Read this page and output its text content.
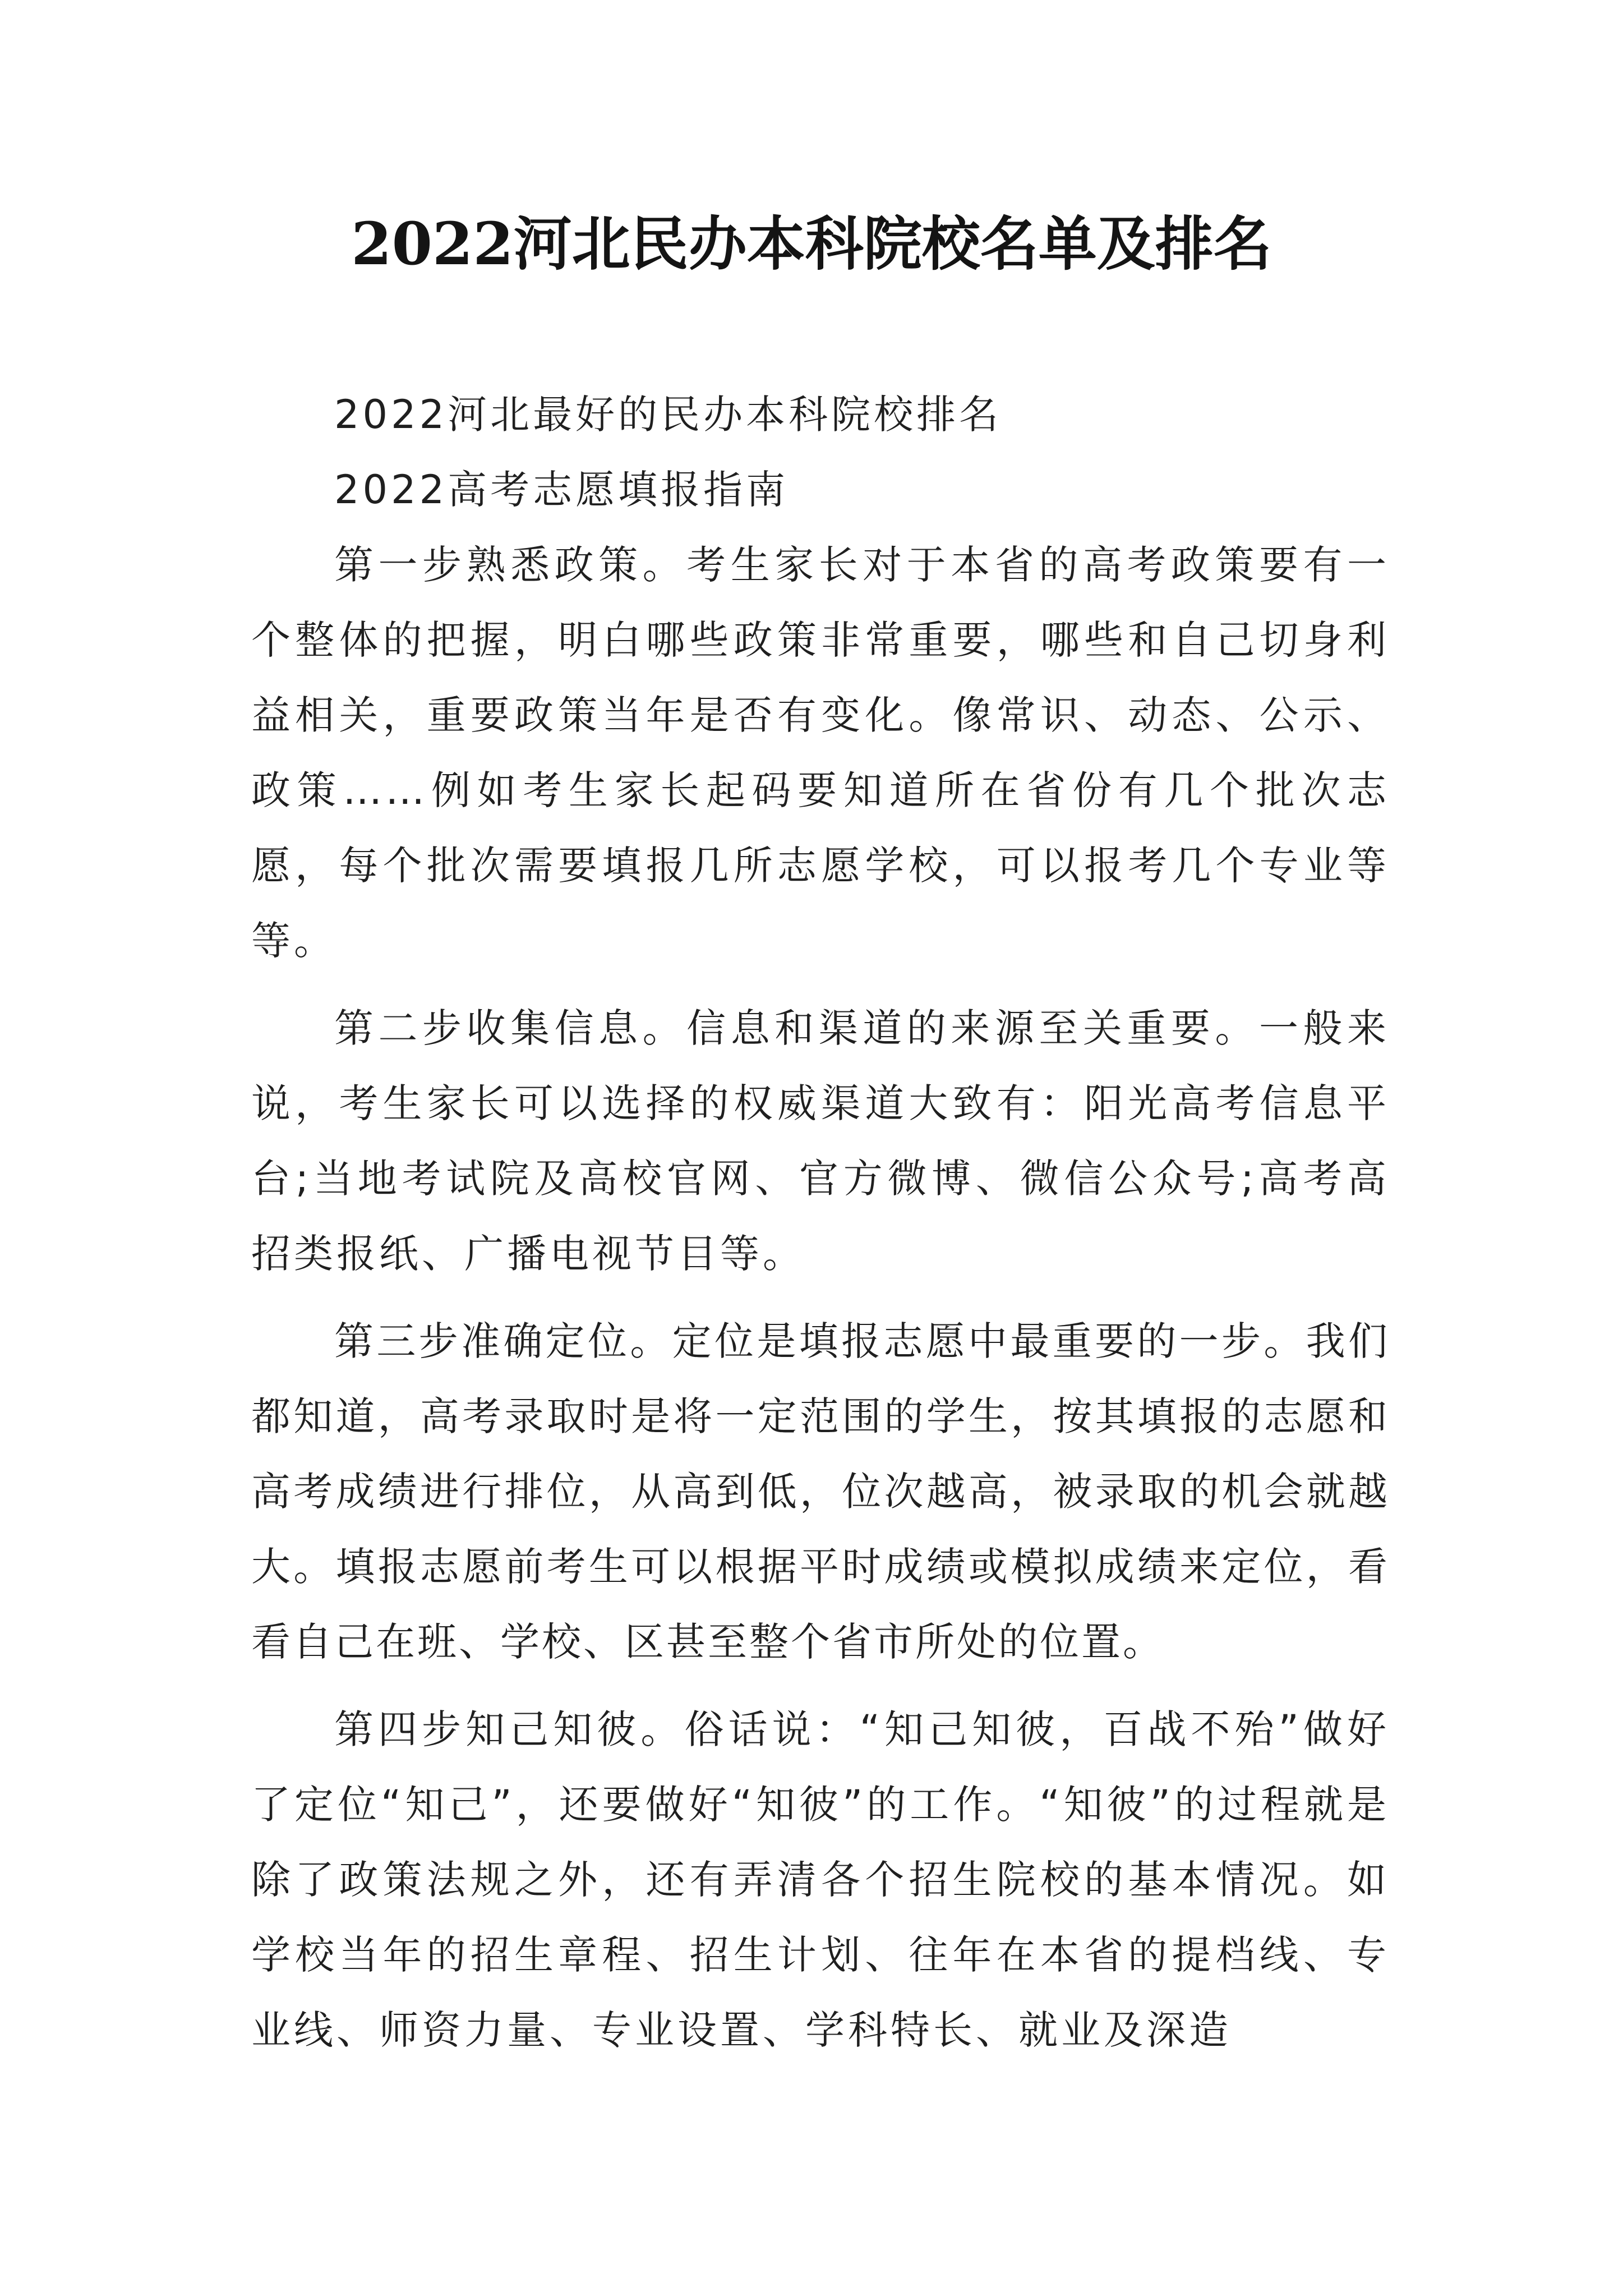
2022河北民办本科院校名单及排名

2022河北最好的民办本科院校排名

2022高考志愿填报指南

第一步熟悉政策。考生家长对于本省的高考政策要有一个整体的把握，明白哪些政策非常重要，哪些和自己切身利益相关，重要政策当年是否有变化。像常识、动态、公示、政策……例如考生家长起码要知道所在省份有几个批次志愿，每个批次需要填报几所志愿学校，可以报考几个专业等等。

第二步收集信息。信息和渠道的来源至关重要。一般来说，考生家长可以选择的权威渠道大致有：阳光高考信息平台;当地考试院及高校官网、官方微博、微信公众号;高考高招类报纸、广播电视节目等。

第三步准确定位。定位是填报志愿中最重要的一步。我们都知道，高考录取时是将一定范围的学生，按其填报的志愿和高考成绩进行排位，从高到低，位次越高，被录取的机会就越大。填报志愿前考生可以根据平时成绩或模拟成绩来定位，看看自己在班、学校、区甚至整个省市所处的位置。

第四步知己知彼。俗话说：“知己知彼，百战不殆”做好了定位“知己”，还要做好“知彼”的工作。“知彼”的过程就是除了政策法规之外，还有弄清各个招生院校的基本情况。如学校当年的招生章程、招生计划、往年在本省的提档线、专业线、师资力量、专业设置、学科特长、就业及深造
